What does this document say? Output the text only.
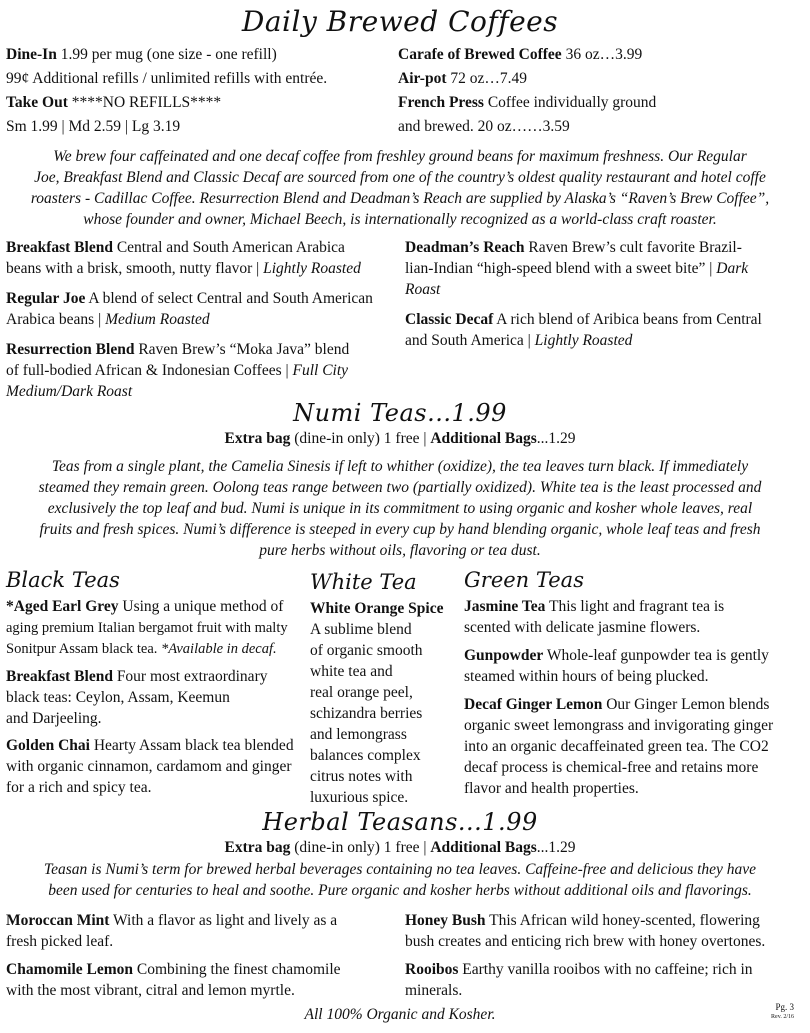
Daily Brewed Coffees
Dine-In 1.99 per mug (one size - one refill)
99¢ Additional refills / unlimited refills with entrée.
Take Out ****NO REFILLS****
Sm 1.99 | Md 2.59 | Lg 3.19
Carafe of Brewed Coffee 36 oz…3.99
Air-pot 72 oz…7.49
French Press Coffee individually ground
and brewed. 20 oz……3.59
We brew four caffeinated and one decaf coffee from freshley ground beans for maximum freshness. Our Regular
Joe, Breakfast Blend and Classic Decaf are sourced from one of the country’s oldest quality restaurant and hotel coffe
roasters - Cadillac Coffee. Resurrection Blend and Deadman’s Reach are supplied by Alaska’s “Raven’s Brew Coffee”,
whose founder and owner, Michael Beech, is internationally recognized as a world-class craft roaster.
Breakfast Blend Central and South American Arabica
beans with a brisk, smooth, nutty flavor | Lightly Roasted
Regular Joe A blend of select Central and South American
Arabica beans | Medium Roasted
Resurrection Blend Raven Brew’s “Moka Java” blend
of full-bodied African & Indonesian Coffees | Full City
Medium/Dark Roast
Deadman’s Reach Raven Brew’s cult favorite Brazil-
lian-Indian “high-speed blend with a sweet bite” | Dark
Roast
Classic Decaf A rich blend of Aribica beans from Central
and South America | Lightly Roasted
Numi Teas...1.99
Extra bag (dine-in only) 1 free | Additional Bags...1.29
Teas from a single plant, the Camelia Sinesis if left to whither (oxidize), the tea leaves turn black. If immediately
steamed they remain green. Oolong teas range between two (partially oxidized). White tea is the least processed and
exclusively the top leaf and bud. Numi is unique in its commitment to using organic and kosher whole leaves, real
fruits and fresh spices. Numi’s difference is steeped in every cup by hand blending organic, whole leaf teas and fresh
pure herbs without oils, flavoring or tea dust.
Black Teas
*Aged Earl Grey Using a unique method of
aging premium Italian bergamot fruit with malty
Sonitpur Assam black tea. *Available in decaf.
Breakfast Blend Four most extraordinary
black teas: Ceylon, Assam, Keemun
and Darjeeling.
Golden Chai Hearty Assam black tea blended
with organic cinnamon, cardamom and ginger
for a rich and spicy tea.
White Tea
White Orange Spice
A sublime blend
of organic smooth
white tea and
real orange peel,
schizandra berries
and lemongrass
balances complex
citrus notes with
luxurious spice.
Green Teas
Jasmine Tea This light and fragrant tea is
scented with delicate jasmine flowers.
Gunpowder Whole-leaf gunpowder tea is gently
steamed within hours of being plucked.
Decaf Ginger Lemon Our Ginger Lemon blends
organic sweet lemongrass and invigorating ginger
into an organic decaffeinated green tea. The CO2
decaf process is chemical-free and retains more
flavor and health properties.
Herbal Teasans...1.99
Extra bag (dine-in only) 1 free | Additional Bags...1.29
Teasan is Numi’s term for brewed herbal beverages containing no tea leaves. Caffeine-free and delicious they have
been used for centuries to heal and soothe. Pure organic and kosher herbs without additional oils and flavorings.
Moroccan Mint With a flavor as light and lively as a
fresh picked leaf.
Chamomile Lemon Combining the finest chamomile
with the most vibrant, citral and lemon myrtle.
Honey Bush This African wild honey-scented, flowering
bush creates and enticing rich brew with honey overtones.
Rooibos Earthy vanilla rooibos with no caffeine; rich in
minerals.
All 100% Organic and Kosher.	Pg. 3
Rev. 2/16
